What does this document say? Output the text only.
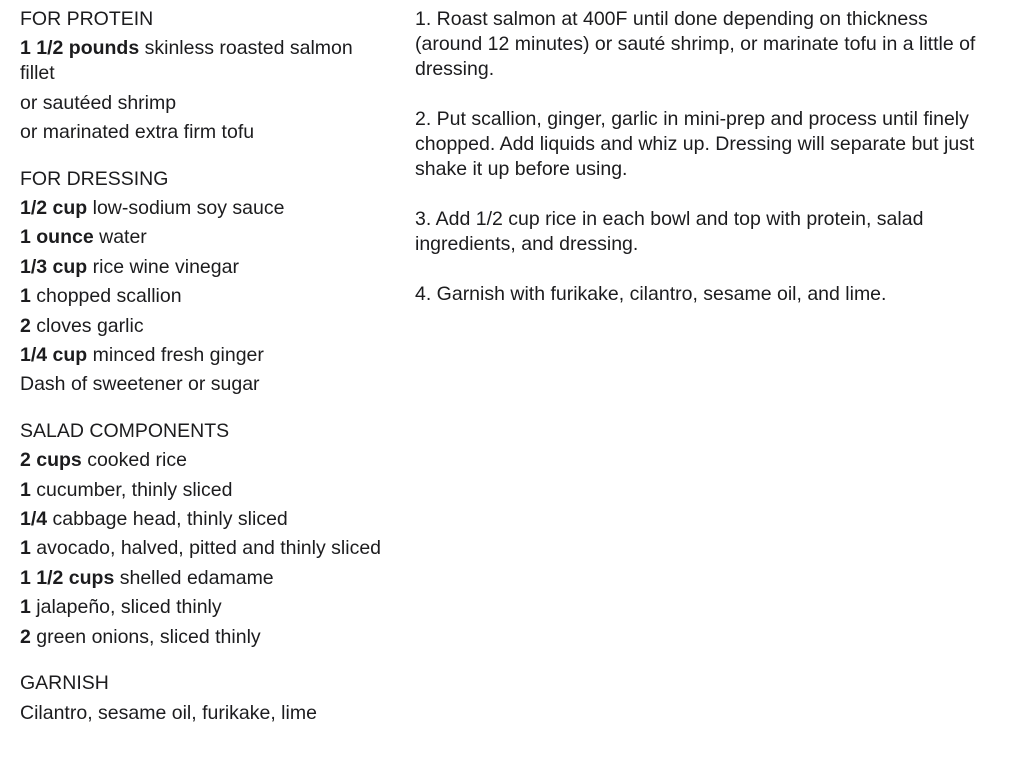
FOR PROTEIN
1 1/2 pounds skinless roasted salmon fillet
or sautéed shrimp
or marinated extra firm tofu
FOR DRESSING
1/2 cup low-sodium soy sauce
1 ounce water
1/3 cup rice wine vinegar
1 chopped scallion
2 cloves garlic
1/4 cup minced fresh ginger
Dash of sweetener or sugar
SALAD COMPONENTS
2 cups cooked rice
1 cucumber, thinly sliced
1/4 cabbage head, thinly sliced
1 avocado, halved, pitted and thinly sliced
1 1/2 cups shelled edamame
1 jalapeño, sliced thinly
2 green onions, sliced thinly
GARNISH
Cilantro, sesame oil, furikake, lime

1. Roast salmon at 400F until done depending on thickness (around 12 minutes) or sauté shrimp, or marinate tofu in a little of dressing.

2. Put scallion, ginger, garlic in mini-prep and process until finely chopped. Add liquids and whiz up. Dressing will separate but just shake it up before using.

3. Add 1/2 cup rice in each bowl and top with protein, salad ingredients, and dressing.

4. Garnish with furikake, cilantro, sesame oil, and lime.
